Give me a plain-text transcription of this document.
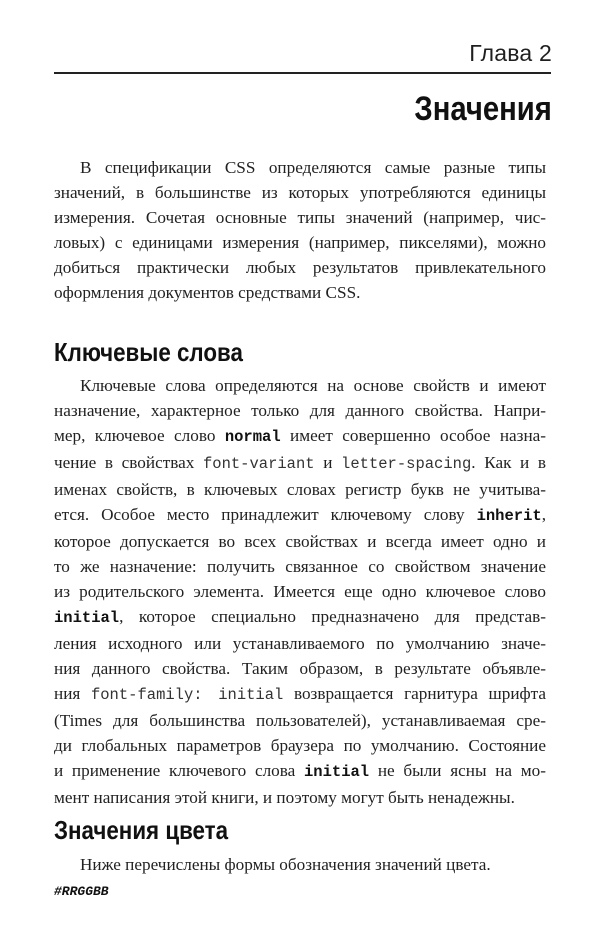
Глава 2
Значения
В спецификации CSS определяются самые разные типы
значений, в большинстве из которых употребляются единицы
измерения. Сочетая основные типы значений (например, чис-
ловых) с единицами измерения (например, пикселями), можно
добиться практически любых результатов привлекательного
оформления документов средствами CSS.
Ключевые слова
Ключевые слова определяются на основе свойств и имеют
назначение, характерное только для данного свойства. Напри-
мер, ключевое слово normal имеет совершенно особое назна-
чение в свойствах font-variant и letter-spacing. Как и в
именах свойств, в ключевых словах регистр букв не учитыва-
ется. Особое место принадлежит ключевому слову inherit,
которое допускается во всех свойствах и всегда имеет одно и
то же назначение: получить связанное со свойством значение
из родительского элемента. Имеется еще одно ключевое слово
initial, которое специально предназначено для представ-
ления исходного или устанавливаемого по умолчанию значе-
ния данного свойства. Таким образом, в результате объявле-
ния font-family: initial возвращается гарнитура шрифта
(Times для большинства пользователей), устанавливаемая сре-
ди глобальных параметров браузера по умолчанию. Состояние
и применение ключевого слова initial не были ясны на мо-
мент написания этой книги, и поэтому могут быть ненадежны.
Значения цвета
Ниже перечислены формы обозначения значений цвета.
#RRGGBB
